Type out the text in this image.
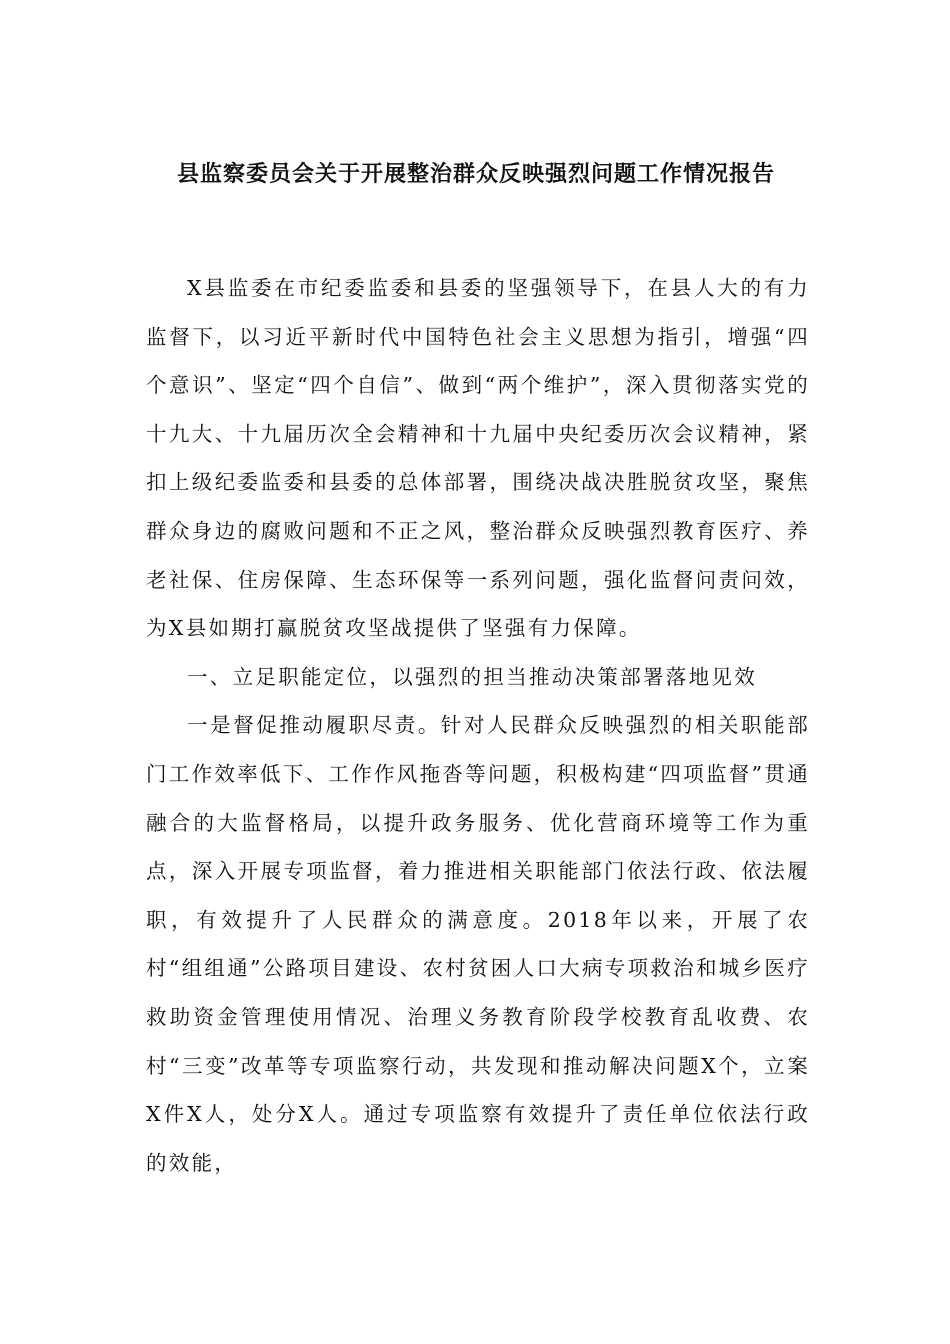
县监察委员会关于开展整治群众反映强烈问题工作情况报告

X县监委在市纪委监委和县委的坚强领导下，在县人大的有力监督下，以习近平新时代中国特色社会主义思想为指引，增强“四个意识”、坚定“四个自信”、做到“两个维护”，深入贯彻落实党的十九大、十九届历次全会精神和十九届中央纪委历次会议精神，紧扣上级纪委监委和县委的总体部署，围绕决战决胜脱贫攻坚，聚焦群众身边的腐败问题和不正之风，整治群众反映强烈教育医疗、养老社保、住房保障、生态环保等一系列问题，强化监督问责问效，为X县如期打赢脱贫攻坚战提供了坚强有力保障。

一、立足职能定位，以强烈的担当推动决策部署落地见效

一是督促推动履职尽责。针对人民群众反映强烈的相关职能部门工作效率低下、工作作风拖沓等问题，积极构建“四项监督”贯通融合的大监督格局，以提升政务服务、优化营商环境等工作为重点，深入开展专项监督，着力推进相关职能部门依法行政、依法履职，有效提升了人民群众的满意度。2018年以来，开展了农村“组组通”公路项目建设、农村贫困人口大病专项救治和城乡医疗救助资金管理使用情况、治理义务教育阶段学校教育乱收费、农村“三变”改革等专项监察行动，共发现和推动解决问题X个，立案X件X人，处分X人。通过专项监察有效提升了责任单位依法行政的效能，
